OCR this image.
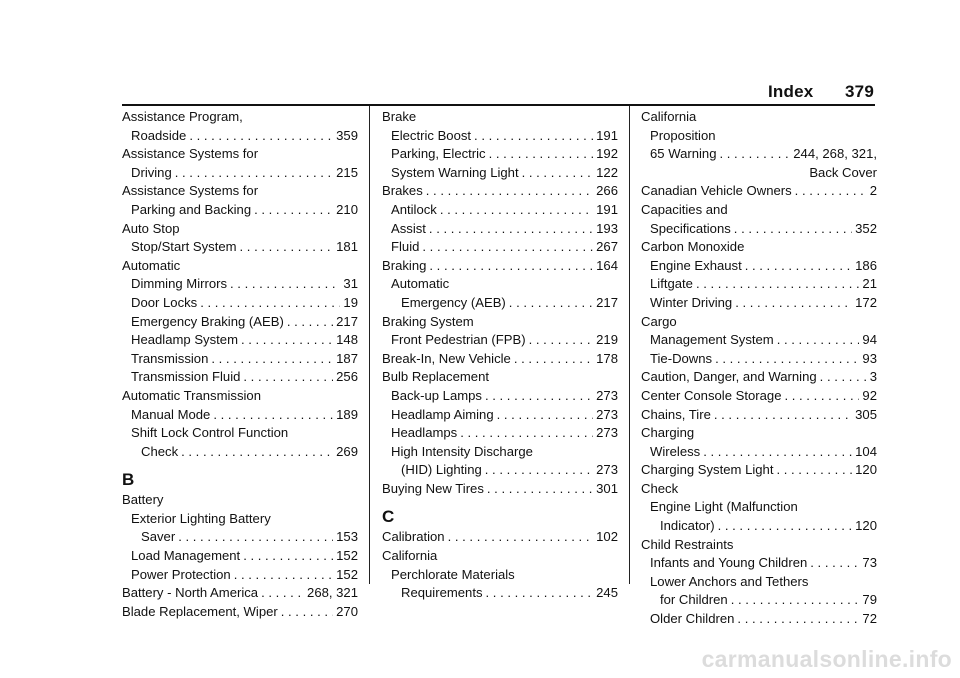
Index 379
Assistance Program,
Roadside . . .	359
Assistance Systems for
Driving . . .	215
Assistance Systems for
Parking and Backing . . .	210
Auto Stop
Stop/Start System . . .	181
Automatic
Dimming Mirrors . . .	31
Door Locks . . .	19
Emergency Braking (AEB) . . .	217
Headlamp System . . .	148
Transmission . . .	187
Transmission Fluid . . .	256
Automatic Transmission
Manual Mode . . .	189
Shift Lock Control Function
Check . . .	269
B
Battery
Exterior Lighting Battery
Saver . . .	153
Load Management . . .	152
Power Protection . . .	152
Battery - North America . . .	268, 321
Blade Replacement, Wiper . . .	270
Brake
Electric Boost . . .	191
Parking, Electric . . .	192
System Warning Light . . .	122
Brakes . . .	266
Antilock . . .	191
Assist . . .	193
Fluid . . .	267
Braking . . .	164
Automatic
Emergency (AEB) . . .	217
Braking System
Front Pedestrian (FPB) . . .	219
Break-In, New Vehicle . . .	178
Bulb Replacement
Back-up Lamps . . .	273
Headlamp Aiming . . .	273
Headlamps . . .	273
High Intensity Discharge
(HID) Lighting . . .	273
Buying New Tires . . .	301
C
Calibration . . .	102
California
Perchlorate Materials
Requirements . . .	245
California
Proposition
65 Warning . . .	244, 268, 321,
Back Cover
Canadian Vehicle Owners . . .	2
Capacities and
Specifications . . .	352
Carbon Monoxide
Engine Exhaust . . .	186
Liftgate . . .	21
Winter Driving . . .	172
Cargo
Management System . . .	94
Tie-Downs . . .	93
Caution, Danger, and Warning . . .	3
Center Console Storage . . .	92
Chains, Tire . . .	305
Charging
Wireless . . .	104
Charging System Light . . .	120
Check
Engine Light (Malfunction
Indicator) . . .	120
Child Restraints
Infants and Young Children . . .	73
Lower Anchors and Tethers
for Children . . .	79
Older Children . . .	72
carmanualsonline.info
